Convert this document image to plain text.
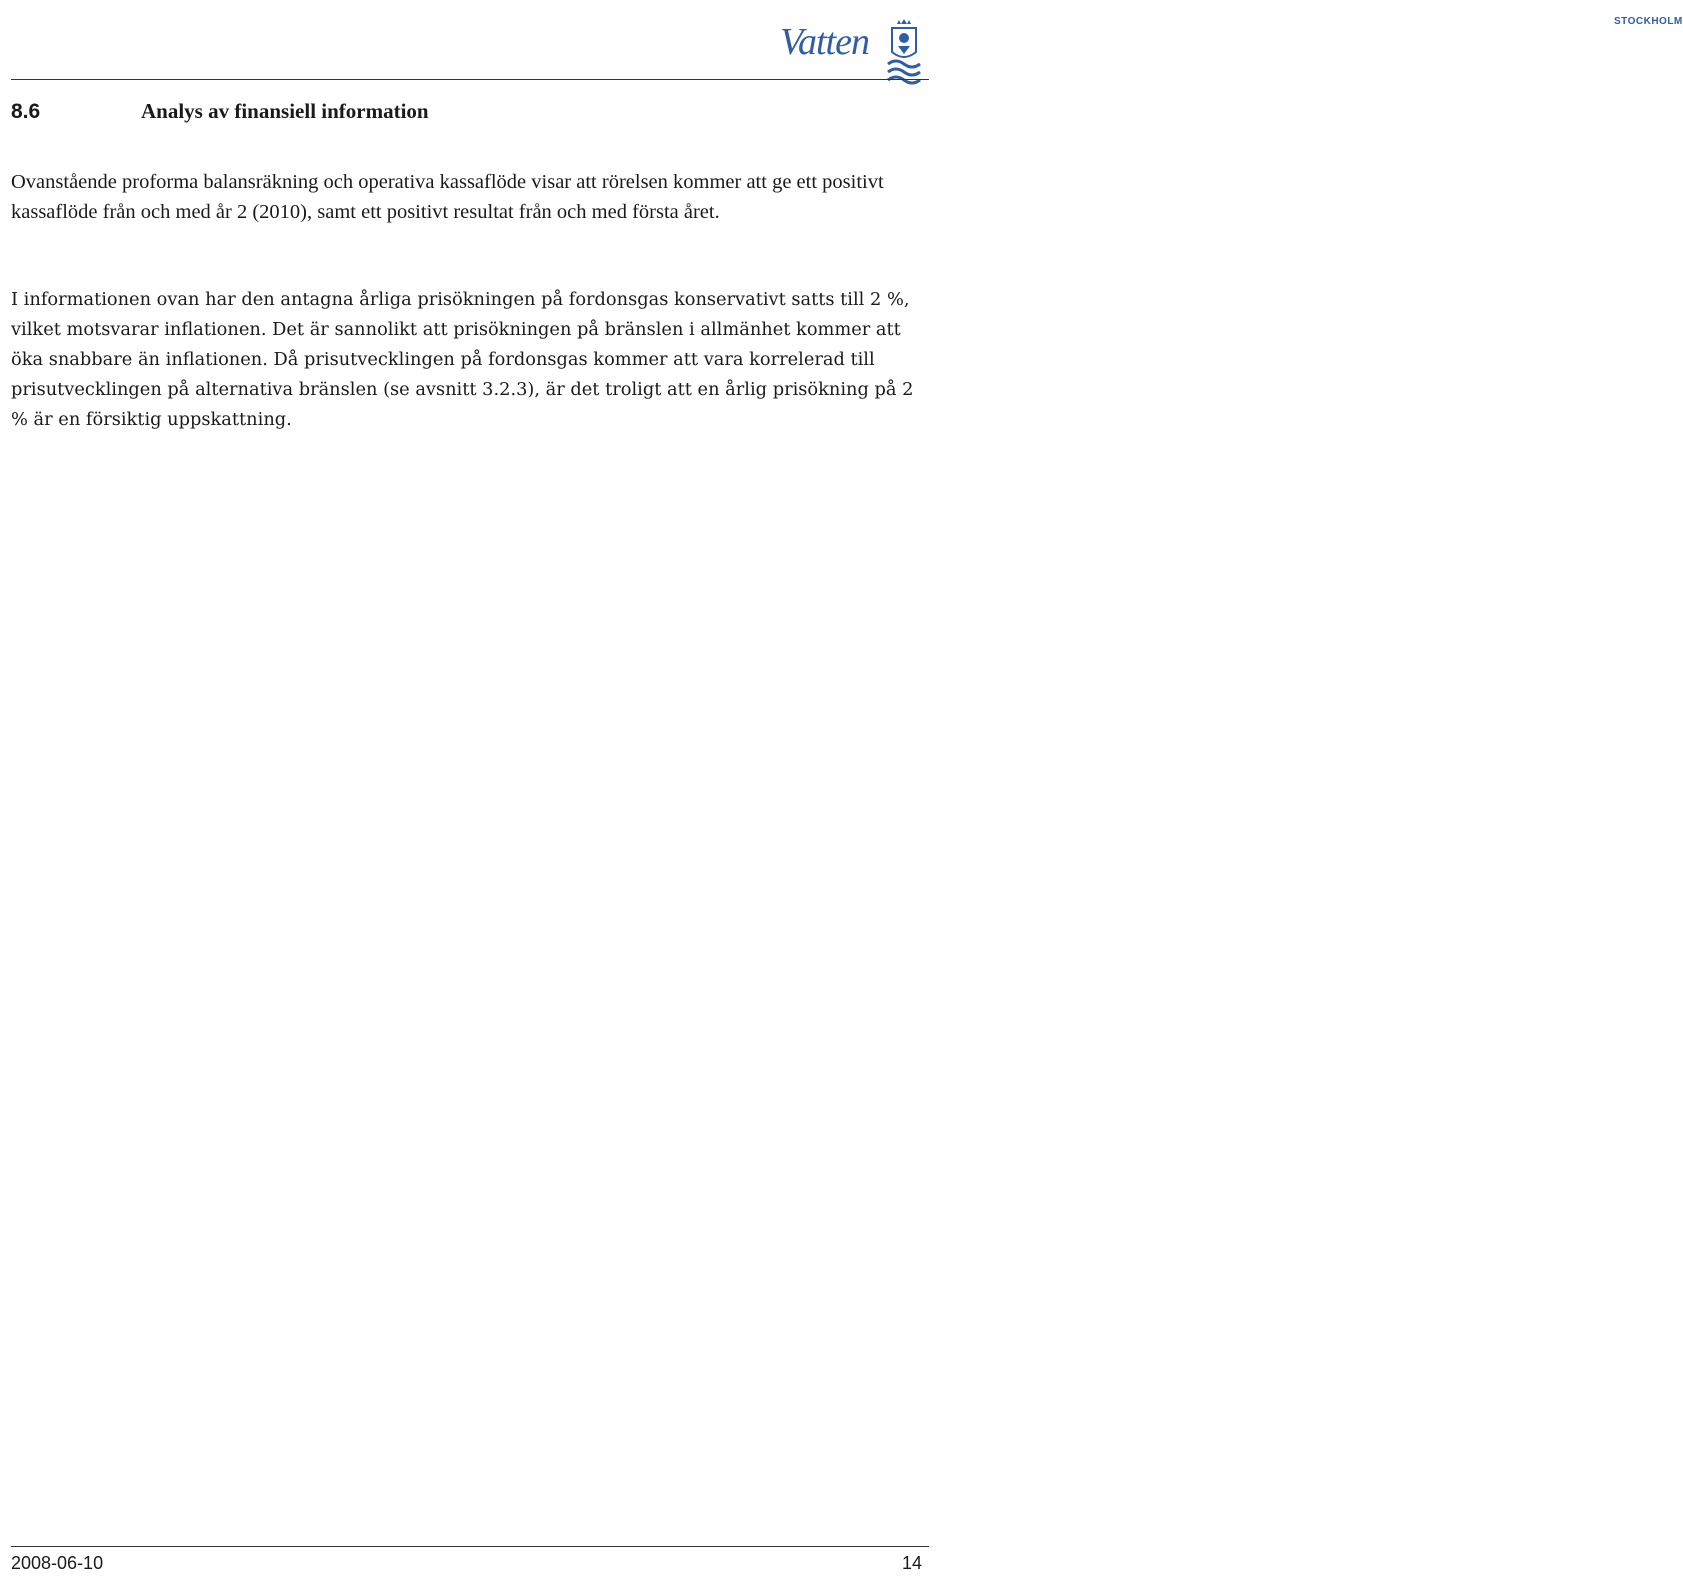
STOCKHOLM
Vatten
8.6	Analys av finansiell information

Ovanstående proforma balansräkning och operativa kassaflöde visar att rörelsen kommer att ge ett positivt kassaflöde från och med år 2 (2010), samt ett positivt resultat från och med första året.

I informationen ovan har den antagna årliga prisökningen på fordonsgas konservativt satts till 2 %, vilket motsvarar inflationen. Det är sannolikt att prisökningen på bränslen i allmänhet kommer att öka snabbare än inflationen. Då prisutvecklingen på fordonsgas kommer att vara korrelerad till prisutvecklingen på alternativa bränslen (se avsnitt 3.2.3), är det troligt att en årlig prisökning på 2 % är en försiktig uppskattning.

2008-06-10	14
